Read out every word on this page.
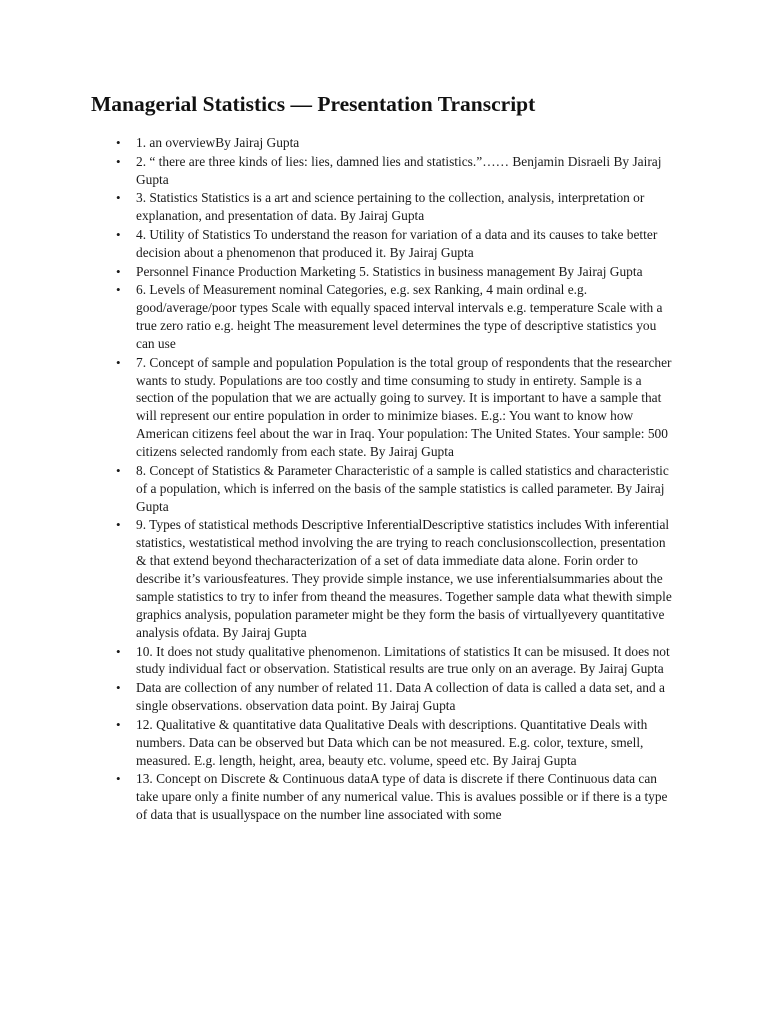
Managerial Statistics — Presentation Transcript
• 1. an overviewBy Jairaj Gupta
• 2. “ there are three kinds of lies: lies, damned lies and statistics.”…… Benjamin Disraeli By Jairaj Gupta
• 3. Statistics Statistics is a art and science pertaining to the collection, analysis, interpretation or explanation, and presentation of data. By Jairaj Gupta
• 4. Utility of Statistics To understand the reason for variation of a data and its causes to take better decision about a phenomenon that produced it. By Jairaj Gupta
• Personnel Finance Production Marketing 5. Statistics in business management By Jairaj Gupta
• 6. Levels of Measurement nominal Categories, e.g. sex Ranking, 4 main ordinal e.g. good/average/poor types Scale with equally spaced interval intervals e.g. temperature Scale with a true zero ratio e.g. height The measurement level determines the type of descriptive statistics you can use
• 7. Concept of sample and population Population is the total group of respondents that the researcher wants to study. Populations are too costly and time consuming to study in entirety. Sample is a section of the population that we are actually going to survey. It is important to have a sample that will represent our entire population in order to minimize biases. E.g.: You want to know how American citizens feel about the war in Iraq. Your population: The United States. Your sample: 500 citizens selected randomly from each state. By Jairaj Gupta
• 8. Concept of Statistics & Parameter Characteristic of a sample is called statistics and characteristic of a population, which is inferred on the basis of the sample statistics is called parameter. By Jairaj Gupta
• 9. Types of statistical methods Descriptive InferentialDescriptive statistics includes With inferential statistics, westatistical method involving the are trying to reach conclusionscollection, presentation & that extend beyond thecharacterization of a set of data immediate data alone. Forin order to describe it’s variousfeatures. They provide simple instance, we use inferentialsummaries about the sample statistics to try to infer from theand the measures. Together sample data what thewith simple graphics analysis, population parameter might be they form the basis of virtuallyevery quantitative analysis ofdata. By Jairaj Gupta
• 10. It does not study qualitative phenomenon. Limitations of statistics It can be misused. It does not study individual fact or observation. Statistical results are true only on an average. By Jairaj Gupta
• Data are collection of any number of related 11. Data A collection of data is called a data set, and a single observations. observation data point. By Jairaj Gupta
• 12. Qualitative & quantitative data Qualitative Deals with descriptions. Quantitative Deals with numbers. Data can be observed but Data which can be not measured. E.g. color, texture, smell, measured. E.g. length, height, area, beauty etc. volume, speed etc. By Jairaj Gupta
• 13. Concept on Discrete & Continuous dataA type of data is discrete if there Continuous data can take upare only a finite number of any numerical value. This is avalues possible or if there is a type of data that is usuallyspace on the number line associated with some
